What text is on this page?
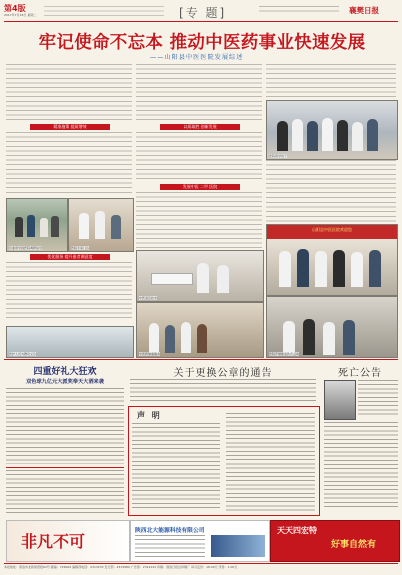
第4版
2017年7月18日 星期二	[专 题]	襄樊日报
牢记使命不忘本 推动中医药事业快速发展
——山阳县中医医院发展综述
精准施策 提质增效
县委领导到医院调研指导	医院专家门诊
优化服务 提升患者满意度
以质取胜 创新发展
发展中医 二甲 医院
医院领导班子
山阳县中医医院欢迎您
中医适宜技术
医护人员为群众义诊	中医药健康服务	医院开展健康教育活动
四重好礼大狂欢
双色球九亿元大派奖奉天大洒来袭
关于更换公章的通告
声 明
死亡公告
非凡不可
陕西北大能源科技有限公司	天天四宏特
好事自然有
本报地址：商洛市北新街西段63号 邮编：726000 编辑部电话：2313233 发行部：2315880 广告部：2312222 印刷：商洛日报社印刷厂 每月定价：18.00元 零售：1.00元
